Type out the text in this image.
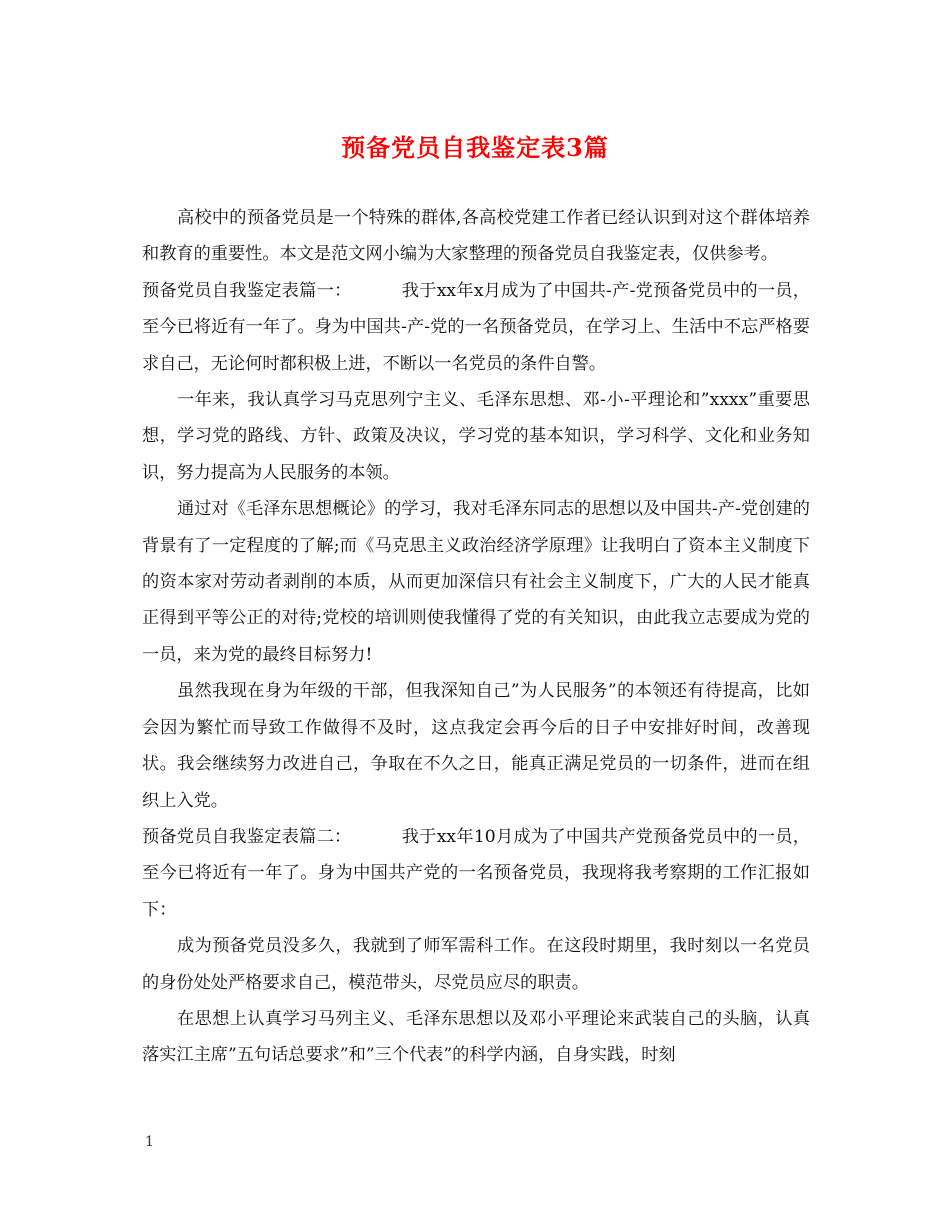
预备党员自我鉴定表3篇

高校中的预备党员是一个特殊的群体,各高校党建工作者已经认识到对这个群体培养和教育的重要性。本文是范文网小编为大家整理的预备党员自我鉴定表，仅供参考。

预备党员自我鉴定表篇一：	我于xx年x月成为了中国共-产-党预备党员中的一员，至今已将近有一年了。身为中国共-产-党的一名预备党员，在学习上、生活中不忘严格要求自己，无论何时都积极上进，不断以一名党员的条件自警。

一年来，我认真学习马克思列宁主义、毛泽东思想、邓-小-平理论和”xxxx”重要思想，学习党的路线、方针、政策及决议，学习党的基本知识，学习科学、文化和业务知识，努力提高为人民服务的本领。

通过对《毛泽东思想概论》的学习，我对毛泽东同志的思想以及中国共-产-党创建的背景有了一定程度的了解;而《马克思主义政治经济学原理》让我明白了资本主义制度下的资本家对劳动者剥削的本质，从而更加深信只有社会主义制度下，广大的人民才能真正得到平等公正的对待;党校的培训则使我懂得了党的有关知识，由此我立志要成为党的一员，来为党的最终目标努力!

虽然我现在身为年级的干部，但我深知自己”为人民服务”的本领还有待提高，比如会因为繁忙而导致工作做得不及时，这点我定会再今后的日子中安排好时间，改善现状。我会继续努力改进自己，争取在不久之日，能真正满足党员的一切条件，进而在组织上入党。

预备党员自我鉴定表篇二：	我于xx年10月成为了中国共产党预备党员中的一员，至今已将近有一年了。身为中国共产党的一名预备党员，我现将我考察期的工作汇报如下：

成为预备党员没多久，我就到了师军需科工作。在这段时期里，我时刻以一名党员的身份处处严格要求自己，模范带头，尽党员应尽的职责。

在思想上认真学习马列主义、毛泽东思想以及邓小平理论来武装自己的头脑，认真落实江主席”五句话总要求”和”三个代表”的科学内涵，自身实践，时刻

1
